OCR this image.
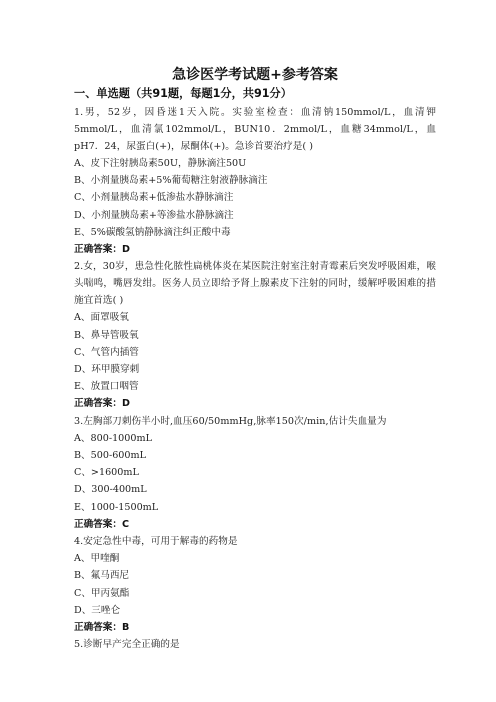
急诊医学考试题+参考答案
一、单选题（共91题，每题1分，共91分）

1.男，52岁，因昏迷1天入院。实验室检查：血清钠150mmol/L，血清钾5mmol/L，血清氯102mmol/L，BUN10．2mmol/L，血糖34mmol/L，血pH7．24，尿蛋白(+)，尿酮体(+)。急诊首要治疗是( )

A、皮下注射胰岛素50U，静脉滴注50U
B、小剂量胰岛素+5%葡萄糖注射液静脉滴注
C、小剂量胰岛素+低渗盐水静脉滴注
D、小剂量胰岛素+等渗盐水静脉滴注
E、5%碳酸氢钠静脉滴注纠正酸中毒

正确答案：D

2.女，30岁，患急性化脓性扁桃体炎在某医院注射室注射青霉素后突发呼吸困难，喉头喘鸣，嘴唇发绀。医务人员立即给予肾上腺素皮下注射的同时，缓解呼吸困难的措施宜首选( )

A、面罩吸氧
B、鼻导管吸氧
C、气管内插管
D、环甲膜穿刺
E、放置口咽管

正确答案：D

3.左胸部刀刺伤半小时,血压60/50mmHg,脉率150次/min,估计失血量为

A、800-1000mL
B、500-600mL
C、>1600mL
D、300-400mL
E、1000-1500mL

正确答案：C

4.安定急性中毒，可用于解毒的药物是

A、甲喹酮
B、氟马西尼
C、甲丙氨酯
D、三唑仑

正确答案：B

5.诊断早产完全正确的是
